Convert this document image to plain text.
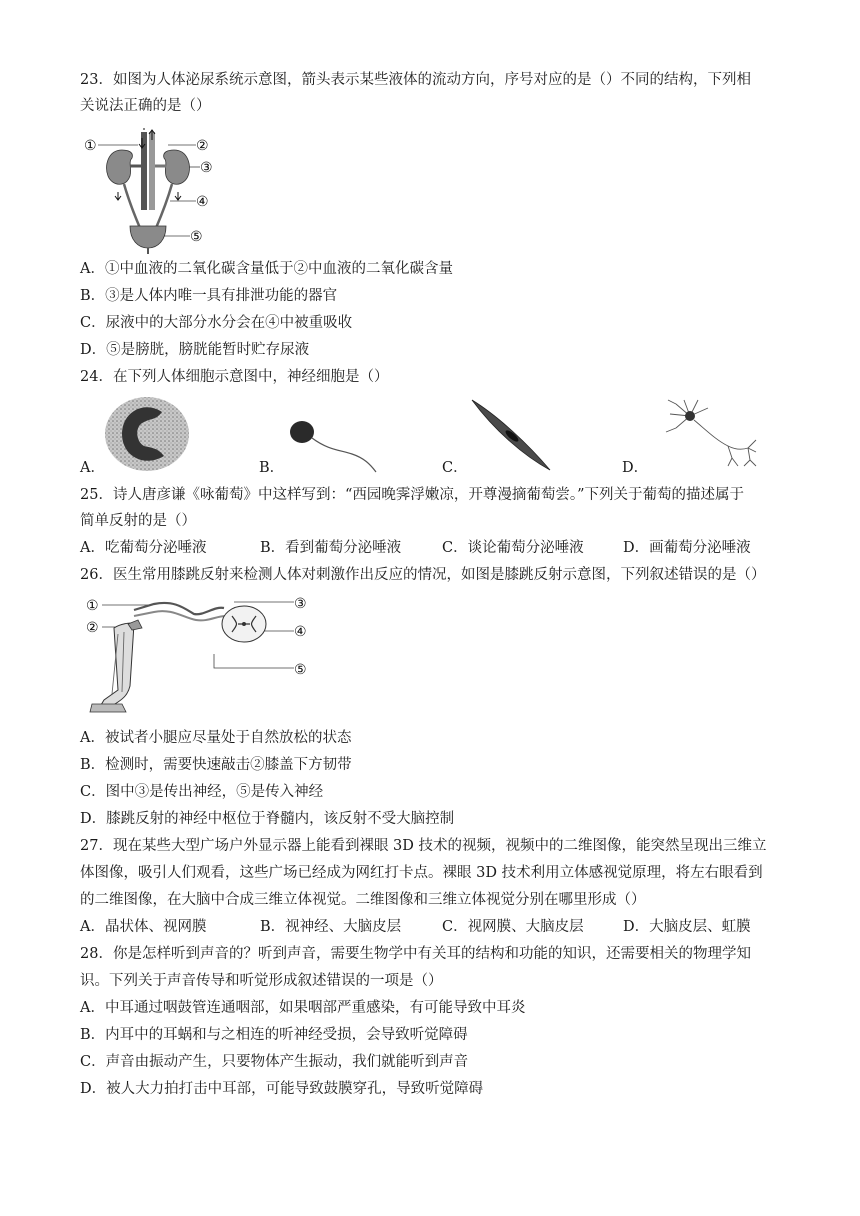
23．如图为人体泌尿系统示意图，箭头表示某些液体的流动方向，序号对应的是（）不同的结构，下列相
关说法正确的是（）
①	②
③
④
⑤
A．①中血液的二氧化碳含量低于②中血液的二氧化碳含量
B．③是人体内唯一具有排泄功能的器官
C．尿液中的大部分水分会在④中被重吸收
D．⑤是膀胱，膀胱能暂时贮存尿液
24．在下列人体细胞示意图中，神经细胞是（）
A．	B．	C．	D．
25．诗人唐彦谦《咏葡萄》中这样写到：“西园晚霁浮嫩凉，开尊漫摘葡萄尝。”下列关于葡萄的描述属于
简单反射的是（）
A．吃葡萄分泌唾液	B．看到葡萄分泌唾液	C．谈论葡萄分泌唾液	D．画葡萄分泌唾液
26．医生常用膝跳反射来检测人体对刺激作出反应的情况，如图是膝跳反射示意图，下列叙述错误的是（）
①
②
③
④
⑤
A．被试者小腿应尽量处于自然放松的状态
B．检测时，需要快速敲击②膝盖下方韧带
C．图中③是传出神经，⑤是传入神经
D．膝跳反射的神经中枢位于脊髓内，该反射不受大脑控制
27．现在某些大型广场户外显示器上能看到裸眼 3D 技术的视频，视频中的二维图像，能突然呈现出三维立
体图像，吸引人们观看，这些广场已经成为网红打卡点。裸眼 3D 技术利用立体感视觉原理，将左右眼看到
的二维图像，在大脑中合成三维立体视觉。二维图像和三维立体视觉分别在哪里形成（）
A．晶状体、视网膜	B．视神经、大脑皮层	C．视网膜、大脑皮层	D．大脑皮层、虹膜
28．你是怎样听到声音的？听到声音，需要生物学中有关耳的结构和功能的知识，还需要相关的物理学知
识。下列关于声音传导和听觉形成叙述错误的一项是（）
A．中耳通过咽鼓管连通咽部，如果咽部严重感染，有可能导致中耳炎
B．内耳中的耳蜗和与之相连的听神经受损，会导致听觉障碍
C．声音由振动产生，只要物体产生振动，我们就能听到声音
D．被人大力拍打击中耳部，可能导致鼓膜穿孔，导致听觉障碍
